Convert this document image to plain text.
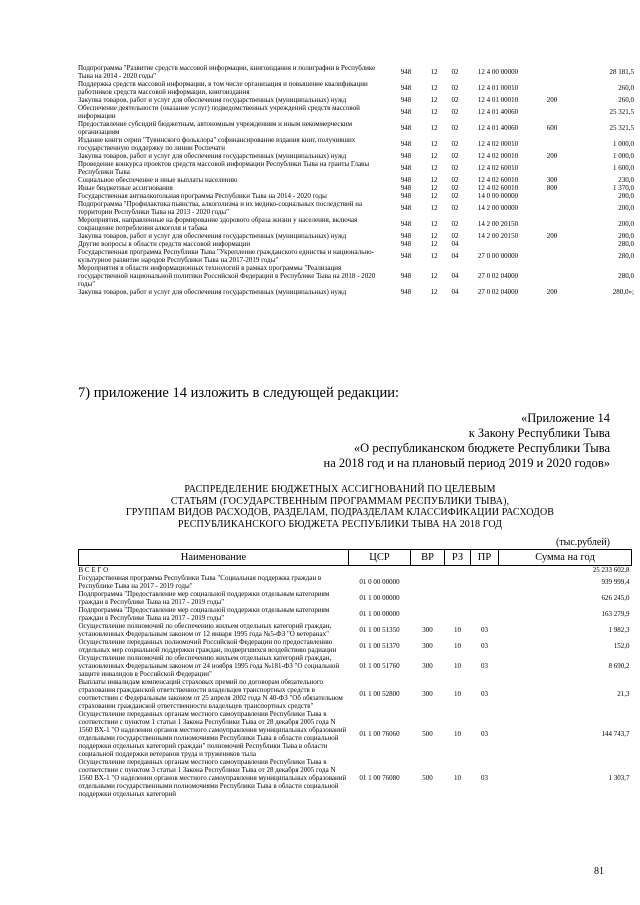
Подпрограмма "Развитие средств массовой информации, книгоиздания и полиграфии в Республике Тыва на 2014 - 2020 годы"	948	12	02	12 4 00 00000		28 181,5
Поддержка средств массовой информации, в том числе организация и повышение квалификации работников средств массовой информации, книгоиздания	948	12	02	12 4 01 00010		260,0
Закупка товаров, работ и услуг для обеспечения государственных (муниципальных) нужд	948	12	02	12 4 01 00010	200	260,0
Обеспечение деятельности (оказание услуг) подведомственных учреждений средств массовой информации	948	12	02	12 4 01 40060		25 321,5
Предоставление субсидий бюджетным, автономным учреждениям и иным некоммерческим организациям	948	12	02	12 4 01 40060	600	25 321,5
Издание книги серии "Тувинского фольклора" софинансирование издания книг, получивших государственную поддержку по линии Роспечати	948	12	02	12 4 02 00010		1 000,0
Закупка товаров, работ и услуг для обеспечения государственных (муниципальных) нужд	948	12	02	12 4 02 00010	200	1 000,0
Проведение конкурса проектов средств массовой информации Республики Тыва на гранты Главы Республики Тыва	948	12	02	12 4 02 60010		1 600,0
Социальное обеспечение и иные выплаты населению	948	12	02	12 4 02 60010	300	230,0
Иные бюджетные ассигнования	948	12	02	12 4 02 60010	800	1 370,0
Государственная антиалкогольная программа Республики Тыва на 2014 - 2020 годы	948	12	02	14 0 00 00000		200,0
Подпрограмма "Профилактика пьянства, алкоголизма и их медико-социальных последствий на территории Республики Тыва на 2013 - 2020 годы"	948	12	02	14 2 00 00000		200,0
Мероприятия, направленные на формирование здорового образа жизни у населения, включая сокращение потребления алкоголя и табака	948	12	02	14 2 00 20150		200,0
Закупка товаров, работ и услуг для обеспечения государственных (муниципальных) нужд	948	12	02	14 2 00 20150	200	200,0
Другие вопросы в области средств массовой информации	948	12	04			280,0
Государственная программа Республики Тыва "Укрепление гражданского единства и национально-культурное развитие народов Республики Тыва на 2017-2019 годы"	948	12	04	27 0 00 00000		280,0
Мероприятия в области информационных технологий в рамках программы "Реализация государственной национальной политики Российской Федерации в Республике Тыва на 2018 - 2020 годы"	948	12	04	27 0 02 04000		280,0
Закупка товаров, работ и услуг для обеспечения государственных (муниципальных) нужд	948	12	04	27 0 02 04000	200	280,0»;
7) приложение 14 изложить в следующей редакции:
«Приложение 14
к Закону Республики Тыва
«О республиканском бюджете Республики Тыва
на 2018 год и на плановый период 2019 и 2020 годов»
РАСПРЕДЕЛЕНИЕ БЮДЖЕТНЫХ АССИГНОВАНИЙ ПО ЦЕЛЕВЫМ
СТАТЬЯМ (ГОСУДАРСТВЕННЫМ ПРОГРАММАМ РЕСПУБЛИКИ ТЫВА),
ГРУППАМ ВИДОВ РАСХОДОВ, РАЗДЕЛАМ, ПОДРАЗДЕЛАМ КЛАССИФИКАЦИИ РАСХОДОВ
РЕСПУБЛИКАНСКОГО БЮДЖЕТА РЕСПУБЛИКИ ТЫВА НА 2018 ГОД
(тыс.рублей)
Наименование	ЦСР	ВР	РЗ	ПР	Сумма на год
В С Е Г О					25 233 602,8
Государственная программа Республики Тыва "Социальная поддержка граждан в Республике Тыва на 2017 - 2019 годы"	01 0 00 00000				939 999,4
Подпрограмма "Предоставление мер социальной поддержки отдельным категориям граждан в Республике Тыва на 2017 - 2019 годы"	01 1 00 00000				626 245,0
Подпрограмма "Предоставление мер социальной поддержки отдельным категориям граждан в Республике Тыва на 2017 - 2019 годы"	01 1 00 00000				163 279,9
Осуществление полномочий по обеспечению жильем отдельных категорий граждан, установленных Федеральным законом от 12 января 1995 года №5-ФЗ "О ветеранах"	01 1 00 51350	300	10	03	1 982,3
Осуществление переданных полномочий Российской Федерации по предоставлению отдельных мер социальной поддержки граждан, подвергшихся воздействию радиации	01 1 00 51370	300	10	03	152,0
Осуществление полномочий по обеспечению жильем отдельных категорий граждан, установленных Федеральным законом от 24 ноября 1995 года №181-ФЗ "О социальной защите инвалидов в Российской Федерации"	01 1 00 51760	300	10	03	8 690,2
Выплаты инвалидам компенсаций страховых премий по договорам обязательного страхования гражданской ответственности владельцев транспортных средств в соответствии с Федеральным законом от 25 апреля 2002 года N 40-ФЗ "Об обязательном страховании гражданской ответственности владельцев транспортных средств"	01 1 00 52800	300	10	03	21,3
Осуществление переданных органам местного самоуправления Республики Тыва в соответствии с пунктом 1 статьи 1 Закона Республики Тыва от 28 декабря 2005 года N 1560 ВХ-1 "О наделении органов местного самоуправления муниципальных образований отдельными государственными полномочиями Республики Тыва в области социальной поддержки отдельных категорий граждан" полномочий Республики Тыва в области социальной поддержки ветеранов труда и тружеников тыла	01 1 00 76060	500	10	03	144 743,7
Осуществление переданных органам местного самоуправления Республики Тыва в соответствии с пунктом 3 статьи 1 Закона Республики Тыва от 28 декабря 2005 года N 1560 ВХ-1 "О наделении органов местного самоуправления муниципальных образований отдельными государственными полномочиями Республики Тыва в области социальной поддержки отдельных категорий	01 1 00 76080	500	10	03	1 303,7
81
